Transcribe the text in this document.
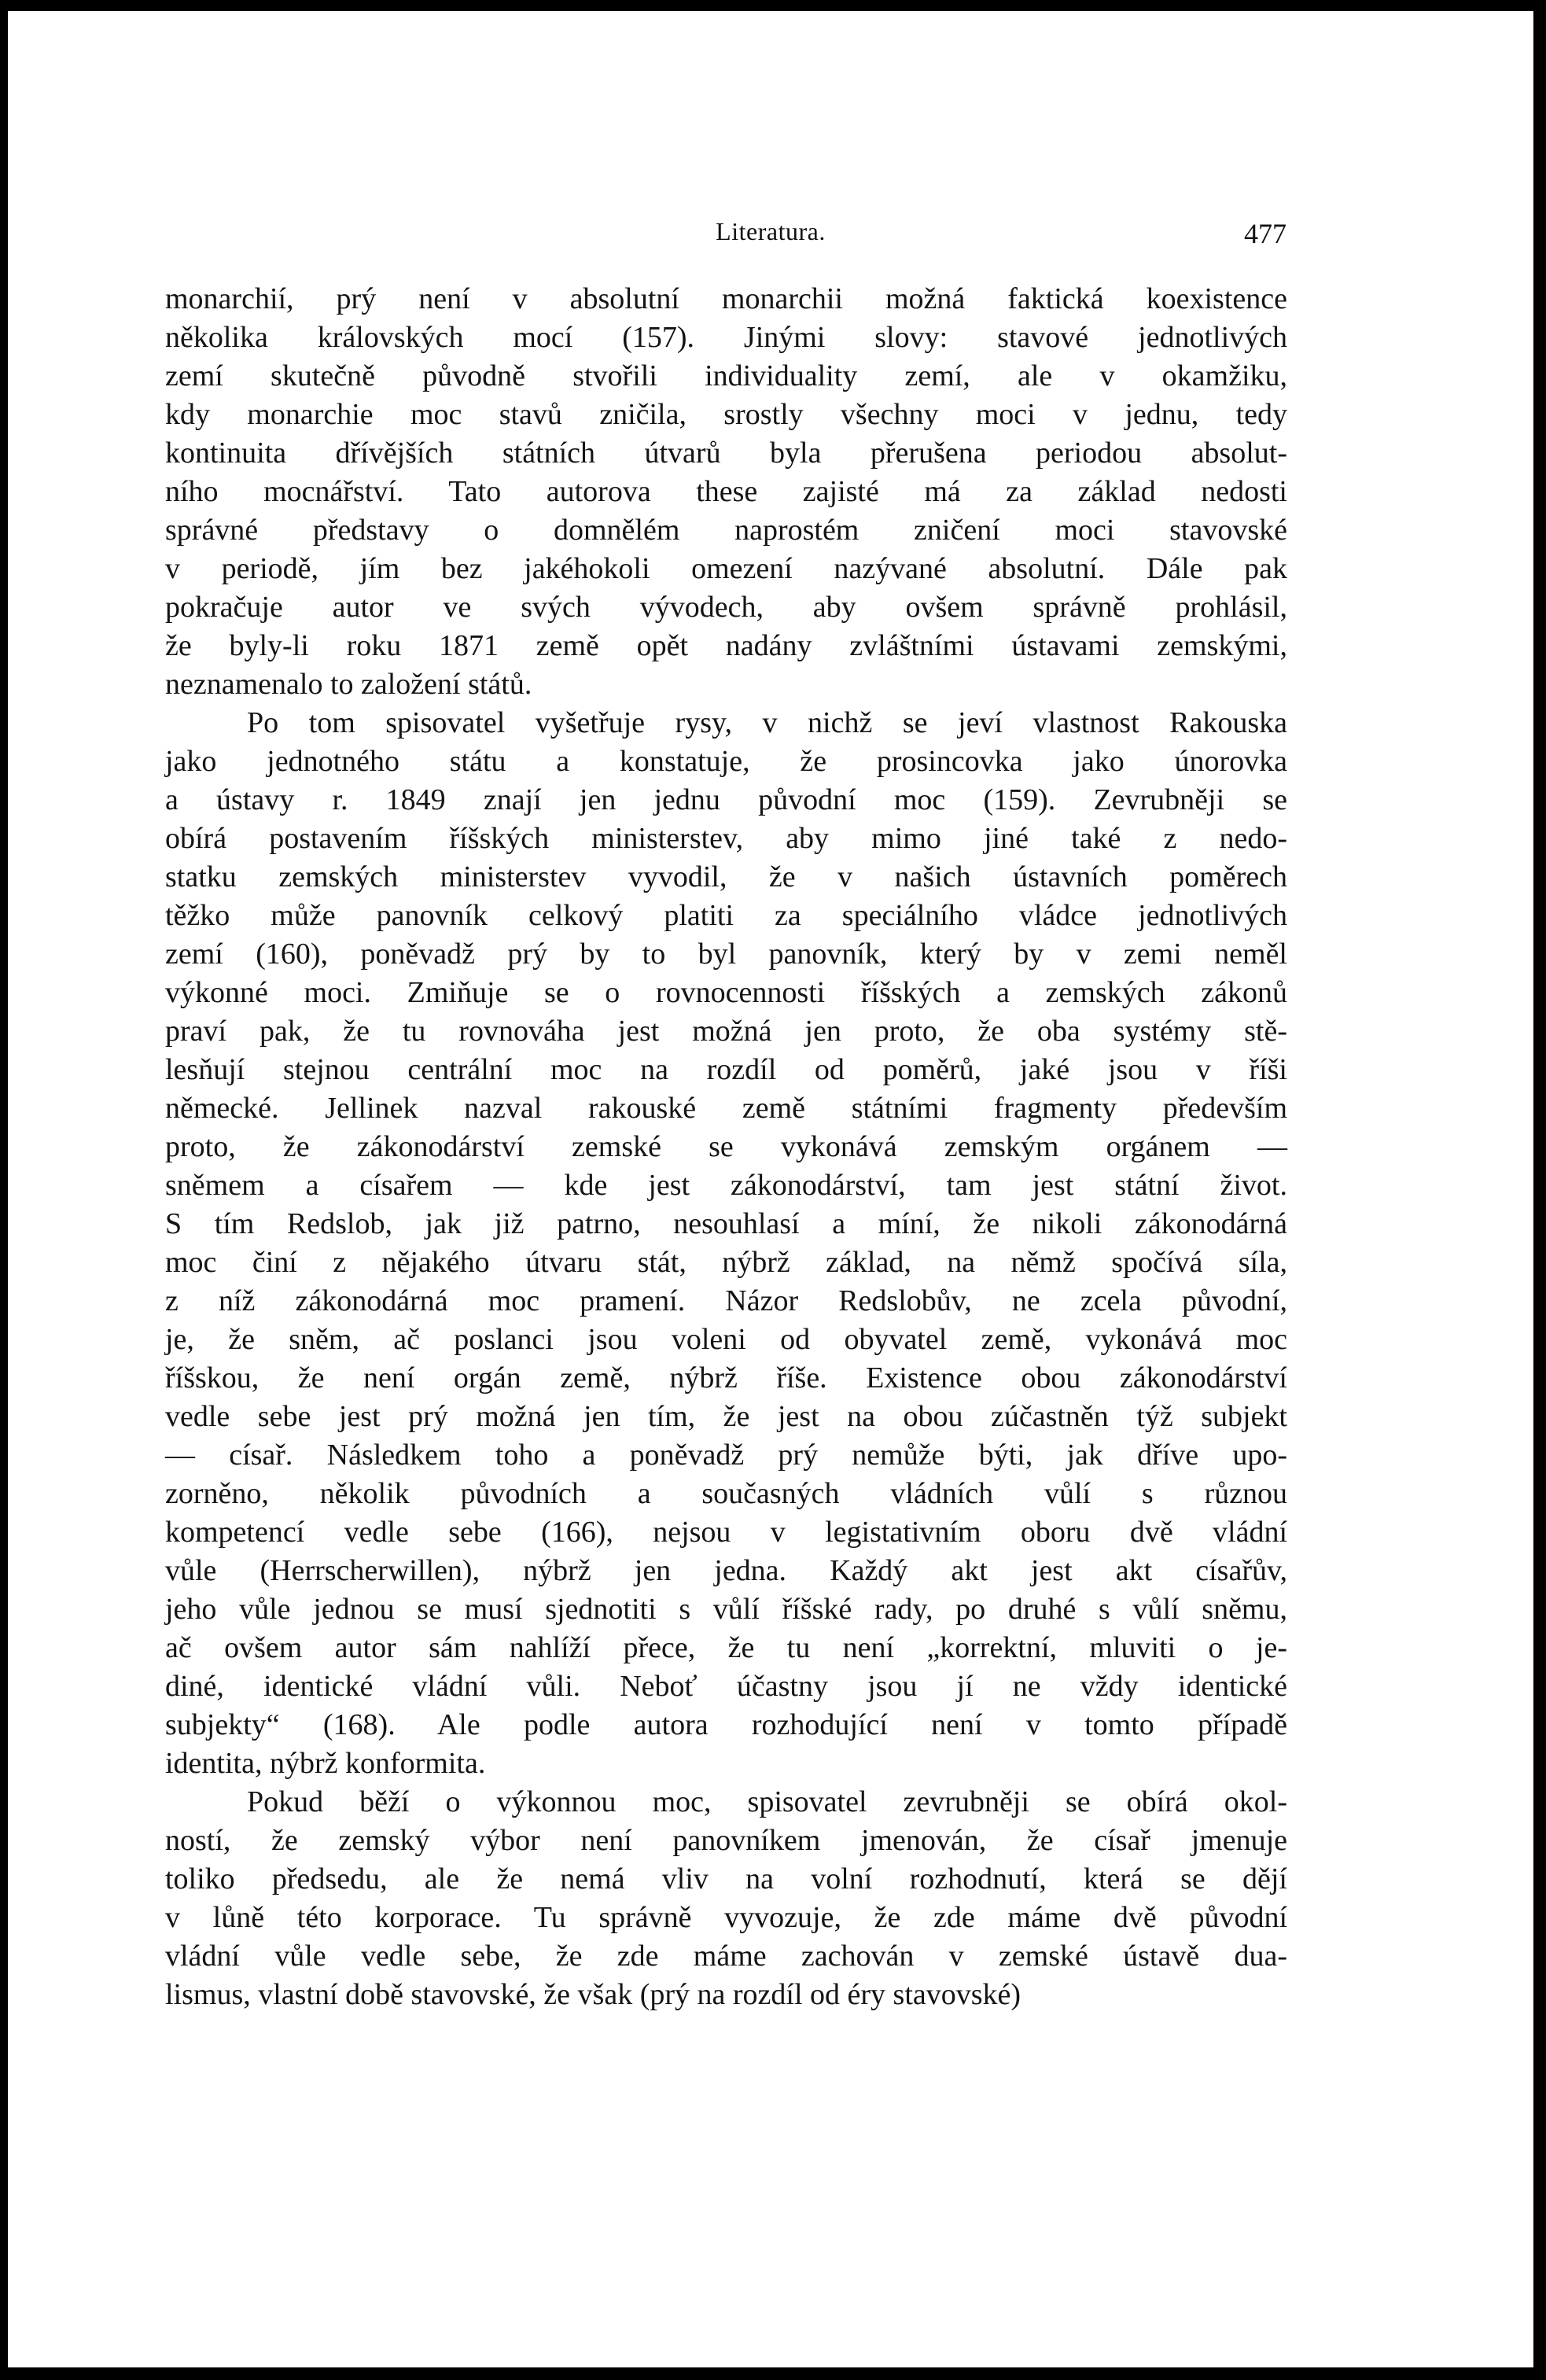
Literatura.	477

monarchií, prý není v absolutní monarchii možná faktická koexistence
několika královských mocí (157). Jinými slovy: stavové jednotlivých
zemí skutečně původně stvořili individuality zemí, ale v okamžiku,
kdy monarchie moc stavů zničila, srostly všechny moci v jednu, tedy
kontinuita dřívějších státních útvarů byla přerušena periodou absolut-
ního mocnářství. Tato autorova these zajisté má za základ nedosti
správné představy o domnělém naprostém zničení moci stavovské
v periodě, jím bez jakéhokoli omezení nazývané absolutní. Dále pak
pokračuje autor ve svých vývodech, aby ovšem správně prohlásil,
že byly-li roku 1871 země opět nadány zvláštními ústavami zemskými,
neznamenalo to založení států.

Po tom spisovatel vyšetřuje rysy, v nichž se jeví vlastnost Rakouska
jako jednotného státu a konstatuje, že prosincovka jako únorovka
a ústavy r. 1849 znají jen jednu původní moc (159). Zevrubněji se
obírá postavením říšských ministerstev, aby mimo jiné také z nedo-
statku zemských ministerstev vyvodil, že v našich ústavních poměrech
těžko může panovník celkový platiti za speciálního vládce jednotlivých
zemí (160), poněvadž prý by to byl panovník, který by v zemi neměl
výkonné moci. Zmiňuje se o rovnocennosti říšských a zemských zákonů
praví pak, že tu rovnováha jest možná jen proto, že oba systémy stě-
lesňují stejnou centrální moc na rozdíl od poměrů, jaké jsou v říši
německé. Jellinek nazval rakouské země státními fragmenty především
proto, že zákonodárství zemské se vykonává zemským orgánem —
sněmem a císařem — kde jest zákonodárství, tam jest státní život.
S tím Redslob, jak již patrno, nesouhlasí a míní, že nikoli zákonodárná
moc činí z nějakého útvaru stát, nýbrž základ, na němž spočívá síla,
z níž zákonodárná moc pramení. Názor Redslobův, ne zcela původní,
je, že sněm, ač poslanci jsou voleni od obyvatel země, vykonává moc
říšskou, že není orgán země, nýbrž říše. Existence obou zákonodárství
vedle sebe jest prý možná jen tím, že jest na obou zúčastněn týž subjekt
— císař. Následkem toho a poněvadž prý nemůže býti, jak dříve upo-
zorněno, několik původních a současných vládních vůlí s různou
kompetencí vedle sebe (166), nejsou v legistativním oboru dvě vládní
vůle (Herrscherwillen), nýbrž jen jedna. Každý akt jest akt císařův,
jeho vůle jednou se musí sjednotiti s vůlí říšské rady, po druhé s vůlí sněmu,
ač ovšem autor sám nahlíží přece, že tu není „korrektní, mluviti o je-
diné, identické vládní vůli. Neboť účastny jsou jí ne vždy identické
subjekty“ (168). Ale podle autora rozhodující není v tomto případě
identita, nýbrž konformita.

Pokud běží o výkonnou moc, spisovatel zevrubněji se obírá okol-
ností, že zemský výbor není panovníkem jmenován, že císař jmenuje
toliko předsedu, ale že nemá vliv na volní rozhodnutí, která se dějí
v lůně této korporace. Tu správně vyvozuje, že zde máme dvě původní
vládní vůle vedle sebe, že zde máme zachován v zemské ústavě dua-
lismus, vlastní době stavovské, že však (prý na rozdíl od éry stavovské)
